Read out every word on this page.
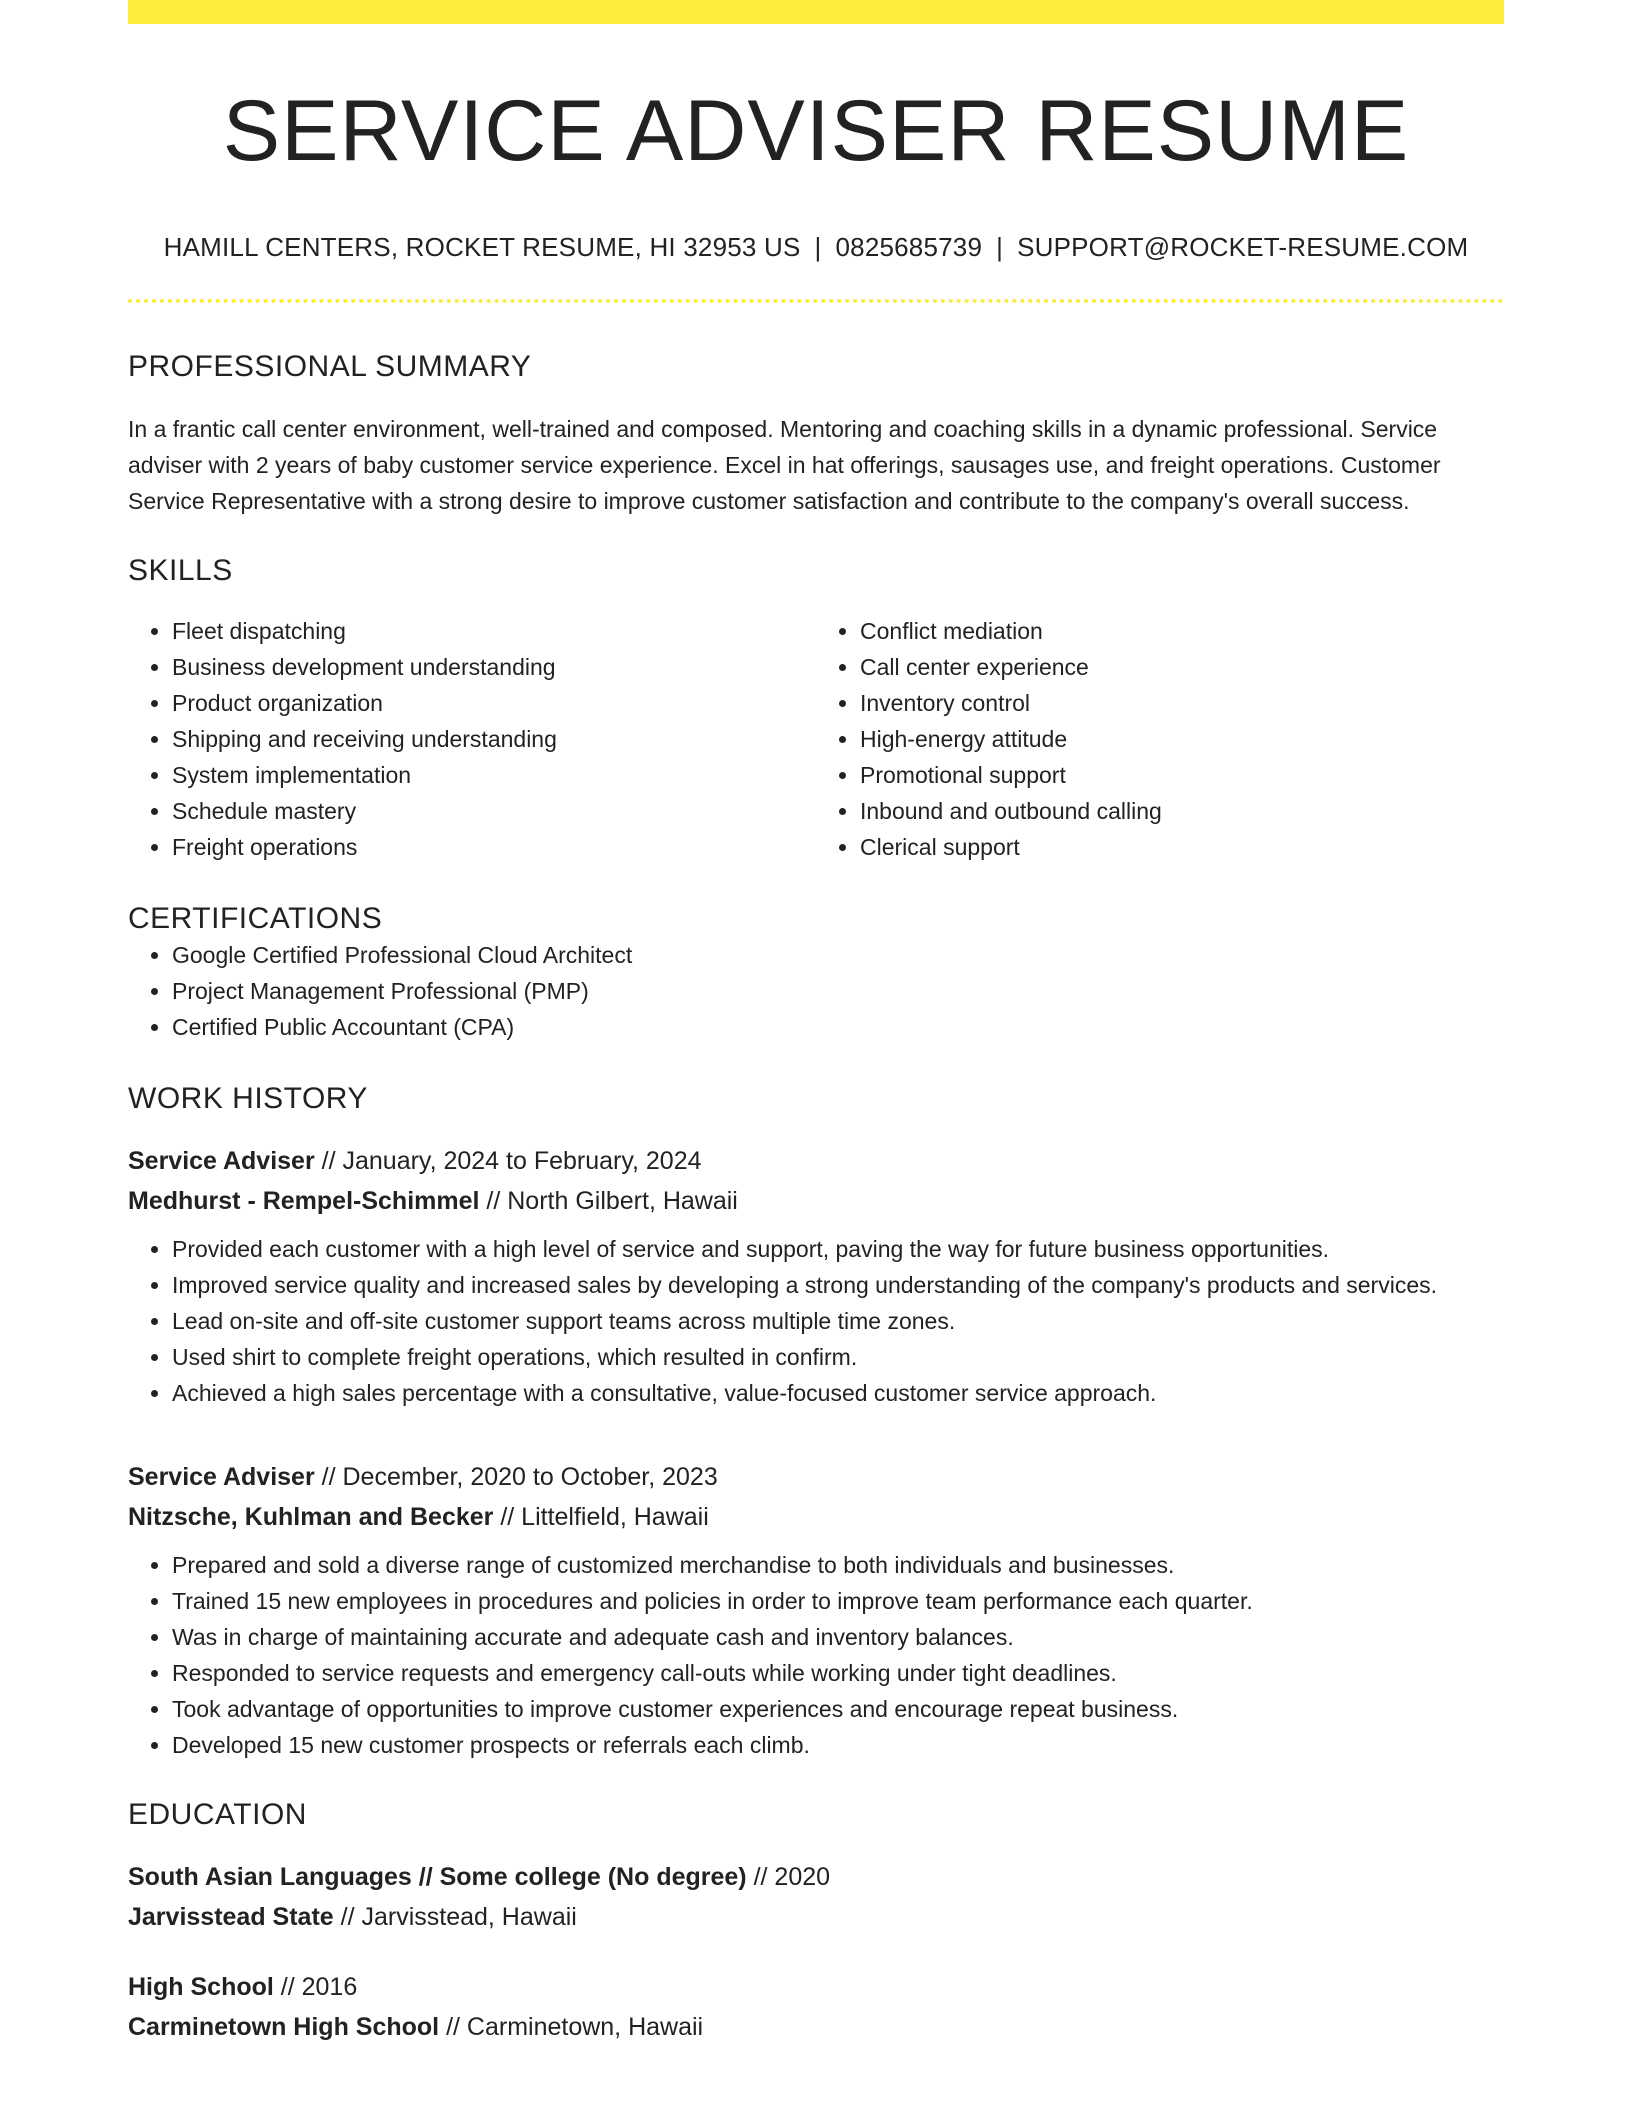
SERVICE ADVISER RESUME
HAMILL CENTERS, ROCKET RESUME, HI 32953 US | 0825685739 | SUPPORT@ROCKET-RESUME.COM
PROFESSIONAL SUMMARY

In a frantic call center environment, well-trained and composed. Mentoring and coaching skills in a dynamic professional. Service adviser with 2 years of baby customer service experience. Excel in hat offerings, sausages use, and freight operations. Customer Service Representative with a strong desire to improve customer satisfaction and contribute to the company's overall success.

SKILLS
• Fleet dispatching
• Business development understanding
• Product organization
• Shipping and receiving understanding
• System implementation
• Schedule mastery
• Freight operations
• Conflict mediation
• Call center experience
• Inventory control
• High-energy attitude
• Promotional support
• Inbound and outbound calling
• Clerical support
CERTIFICATIONS
• Google Certified Professional Cloud Architect
• Project Management Professional (PMP)
• Certified Public Accountant (CPA)
WORK HISTORY
Service Adviser // January, 2024 to February, 2024
Medhurst - Rempel-Schimmel // North Gilbert, Hawaii
• Provided each customer with a high level of service and support, paving the way for future business opportunities.
• Improved service quality and increased sales by developing a strong understanding of the company's products and services.
• Lead on-site and off-site customer support teams across multiple time zones.
• Used shirt to complete freight operations, which resulted in confirm.
• Achieved a high sales percentage with a consultative, value-focused customer service approach.
Service Adviser // December, 2020 to October, 2023
Nitzsche, Kuhlman and Becker // Littelfield, Hawaii
• Prepared and sold a diverse range of customized merchandise to both individuals and businesses.
• Trained 15 new employees in procedures and policies in order to improve team performance each quarter.
• Was in charge of maintaining accurate and adequate cash and inventory balances.
• Responded to service requests and emergency call-outs while working under tight deadlines.
• Took advantage of opportunities to improve customer experiences and encourage repeat business.
• Developed 15 new customer prospects or referrals each climb.
EDUCATION
South Asian Languages // Some college (No degree) // 2020
Jarvisstead State // Jarvisstead, Hawaii
High School // 2016
Carminetown High School // Carminetown, Hawaii
